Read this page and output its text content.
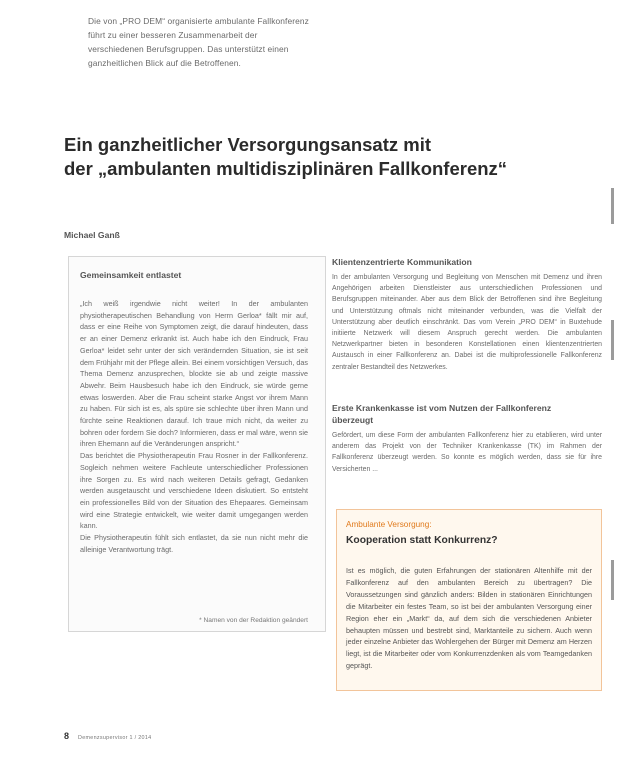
Die von „PRO DEM“ organisierte ambulante Fallkonferenz führt zu einer besseren Zusammenarbeit der verschiedenen Berufsgruppen. Das unterstützt einen ganzheitlichen Blick auf die Betroffenen.
Ein ganzheitlicher Versorgungsansatz mit
der „ambulanten multidisziplinären Fallkonferenz“
Michael Ganß
Gemeinsamkeit entlastet

„Ich weiß irgendwie nicht weiter! In der ambulanten physiotherapeutischen Behandlung von Herrn Gerloa* fällt mir auf, dass er eine Reihe von Symptomen zeigt, die darauf hindeuten, dass er an einer Demenz erkrankt ist. Auch habe ich den Eindruck, Frau Gerloa* leidet sehr unter der sich verändernden Situation, sie ist seit dem Frühjahr mit der Pflege allein. Bei einem vorsichtigen Versuch, das Thema Demenz anzusprechen, blockte sie ab und zeigte massive Abwehr. Beim Hausbesuch habe ich den Eindruck, sie würde gerne etwas loswerden. Aber die Frau scheint starke Angst vor ihrem Mann zu haben. Für sich ist es, als spüre sie schlechte über ihren Mann und fürchte seine Reaktionen darauf. Ich traue mich nicht, da weiter zu bohren oder fordern Sie doch? Informieren, dass er mal wäre, wenn sie ihren Ehemann auf die Veränderungen anspricht.“

Das berichtet die Physiotherapeutin Frau Rosner in der Fallkonferenz. Sogleich nehmen weitere Fachleute unterschiedlicher Professionen ihre Sorgen zu. Es wird nach weiteren Details gefragt, Gedanken werden ausgetauscht und verschiedene Ideen diskutiert. So entsteht ein professionelles Bild von der Situation des Ehepaares. Gemeinsam wird eine Strategie entwickelt, wie weiter damit umgegangen werden kann.

Die Physiotherapeutin fühlt sich entlastet, da sie nun nicht mehr die alleinige Verantwortung trägt.

* Namen von der Redaktion geändert
Klientenzentrierte Kommunikation
In der ambulanten Versorgung und Begleitung von Menschen mit Demenz und ihren Angehörigen arbeiten Dienstleister aus unterschiedlichen Professionen und Berufsgruppen miteinander. Aber aus dem Blick der Betroffenen sind ihre Begleitung und Unterstützung oftmals nicht miteinander verbunden, was die Vielfalt der Unterstützung aber deutlich einschränkt. Das vom Verein „PRO DEM“ in Buxtehude initiierte Netzwerk will diesem Anspruch gerecht werden. Die ambulanten Netzwerkpartner bieten in besonderen Konstellationen einen klientenzentrierten Austausch in einer Fallkonferenz an. Dabei ist die multiprofessionelle Fallkonferenz zentraler Bestandteil des Netzwerkes.
Erste Krankenkasse ist vom Nutzen der Fallkonferenz überzeugt
Gefördert, um diese Form der ambulanten Fallkonferenz hier zu etablieren, wird unter anderem das Projekt von der Techniker Krankenkasse (TK) im Rahmen der Fallkonferenz überzeugt werden. So konnte es möglich werden, dass sie für ihre Versicherten ...
Ambulante Versorgung:
Kooperation statt Konkurrenz?
Ist es möglich, die guten Erfahrungen der stationären Altenhilfe mit der Fallkonferenz auf den ambulanten Bereich zu übertragen? Die Voraussetzungen sind gänzlich anders: Bilden in stationären Einrichtungen die Mitarbeiter ein festes Team, so ist bei der ambulanten Versorgung einer Region eher ein „Markt“ da, auf dem sich die verschiedenen Anbieter behaupten müssen und bestrebt sind, Marktanteile zu sichern. Auch wenn jeder einzelne Anbieter das Wohlergehen der Bürger mit Demenz am Herzen liegt, ist die Mitarbeiter oder vom Konkurrenzdenken als vom Teamgedanken geprägt.
8 Demenzsupervisor 1 / 2014
